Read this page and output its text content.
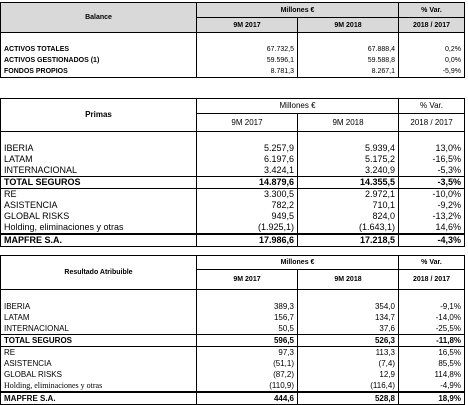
Balance	Millones €		% Var.
	9M 2017	9M 2018	2018 / 2017

ACTIVOS TOTALES	67.732,5	67.888,4	0,2%
ACTIVOS GESTIONADOS (1)	59.596,1	59.588,8	0,0%
FONDOS PROPIOS	8.781,3	8.267,1	-5,9%
Primas	Millones €		% Var.
	9M 2017	9M 2018	2018 / 2017

IBERIA	5.257,9	5.939,4	13,0%
LATAM	6.197,6	5.175,2	-16,5%
INTERNACIONAL	3.424,1	3.240,9	-5,3%
TOTAL SEGUROS	14.879,6	14.355,5	-3,5%
RE	3.300,5	2.972,1	-10,0%
ASISTENCIA	782,2	710,1	-9,2%
GLOBAL RISKS	949,5	824,0	-13,2%
Holding, eliminaciones y otras	(1.925,1)	(1.643,1)	14,6%
MAPFRE S.A.	17.986,6	17.218,5	-4,3%
Resultado Atribuible	Millones €		% Var.
	9M 2017	9M 2018	2018 / 2017

IBERIA	389,3	354,0	-9,1%
LATAM	156,7	134,7	-14,0%
INTERNACIONAL	50,5	37,6	-25,5%
TOTAL SEGUROS	596,5	526,3	-11,8%
RE	97,3	113,3	16,5%
ASISTENCIA	(51,1)	(7,4)	85,5%
GLOBAL RISKS	(87,2)	12,9	114,8%
Holding, eliminaciones y otras	(110,9)	(116,4)	-4,9%
MAPFRE S.A.	444,6	528,8	18,9%
